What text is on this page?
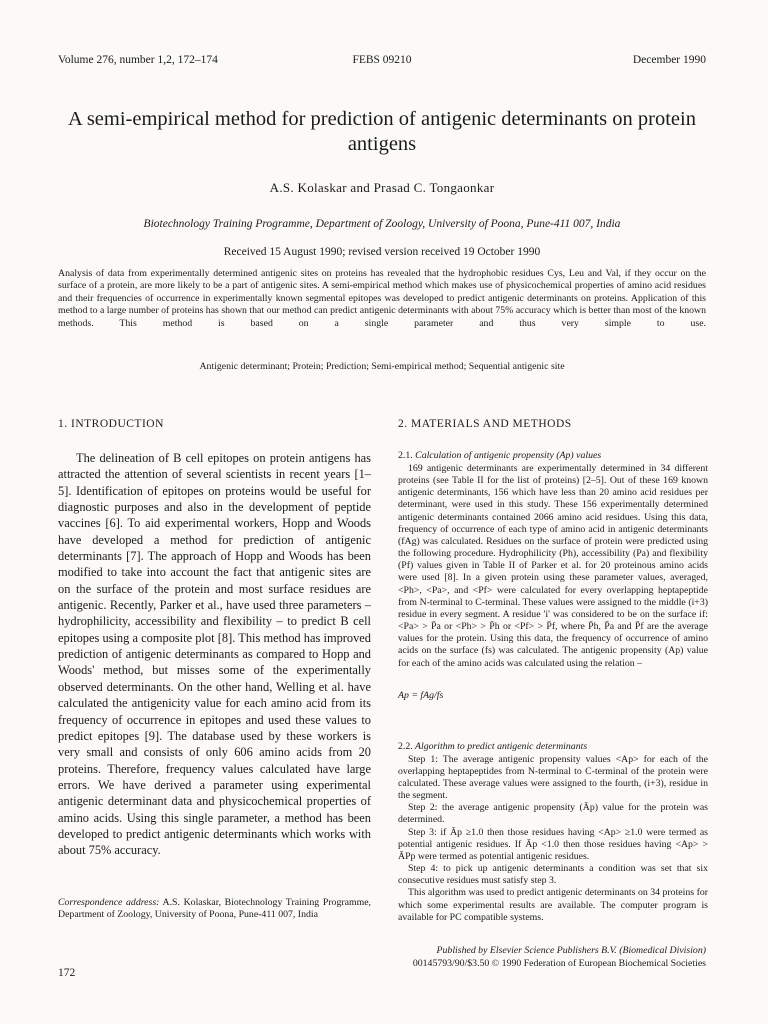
Volume 276, number 1,2, 172–174	FEBS 09210	December 1990
A semi-empirical method for prediction of antigenic determinants on protein antigens
A.S. Kolaskar and Prasad C. Tongaonkar
Biotechnology Training Programme, Department of Zoology, University of Poona, Pune-411 007, India
Received 15 August 1990; revised version received 19 October 1990
Analysis of data from experimentally determined antigenic sites on proteins has revealed that the hydrophobic residues Cys, Leu and Val, if they occur on the surface of a protein, are more likely to be a part of antigenic sites. A semi-empirical method which makes use of physicochemical properties of amino acid residues and their frequencies of occurrence in experimentally known segmental epitopes was developed to predict antigenic determinants on proteins. Application of this method to a large number of proteins has shown that our method can predict antigenic determinants with about 75% accuracy which is better than most of the known methods. This method is based on a single parameter and thus very simple to use.
Antigenic determinant; Protein; Prediction; Semi-empirical method; Sequential antigenic site
1. INTRODUCTION

The delineation of B cell epitopes on protein antigens has attracted the attention of several scientists in recent years [1–5]. Identification of epitopes on proteins would be useful for diagnostic purposes and also in the development of peptide vaccines [6]. To aid experimental workers, Hopp and Woods have developed a method for prediction of antigenic determinants [7]. The approach of Hopp and Woods has been modified to take into account the fact that antigenic sites are on the surface of the protein and most surface residues are antigenic. Recently, Parker et al., have used three parameters – hydrophilicity, accessibility and flexibility – to predict B cell epitopes using a composite plot [8]. This method has improved prediction of antigenic determinants as compared to Hopp and Woods' method, but misses some of the experimentally observed determinants. On the other hand, Welling et al. have calculated the antigenicity value for each amino acid from its frequency of occurrence in epitopes and used these values to predict epitopes [9]. The database used by these workers is very small and consists of only 606 amino acids from 20 proteins. Therefore, frequency values calculated have large errors. We have derived a parameter using experimental antigenic determinant data and physicochemical properties of amino acids. Using this single parameter, a method has been developed to predict antigenic determinants which works with about 75% accuracy.

Correspondence address: A.S. Kolaskar, Biotechnology Training Programme, Department of Zoology, University of Poona, Pune-411 007, India
2. MATERIALS AND METHODS
2.1. Calculation of antigenic propensity (Ap) values

169 antigenic determinants are experimentally determined in 34 different proteins (see Table II for the list of proteins) [2–5]. Out of these 169 known antigenic determinants, 156 which have less than 20 amino acid residues per determinant, were used in this study. These 156 experimentally determined antigenic determinants contained 2066 amino acid residues. Using this data, frequency of occurrence of each type of amino acid in antigenic determinants (fAg) was calculated. Residues on the surface of protein were predicted using the following procedure. Hydrophilicity (Ph), accessibility (Pa) and flexibility (Pf) values given in Table II of Parker et al. for 20 proteinous amino acids were used [8]. In a given protein using these parameter values, averaged, <Ph>, <Pa>, and <Pf> were calculated for every overlapping heptapeptide from N-terminal to C-terminal. These values were assigned to the middle (i+3) residue in every segment. A residue 'i' was considered to be on the surface if: <Pa> > P̄a or <Ph> > P̄h or <Pf> > P̄f, where P̄h, P̄a and P̄f are the average values for the protein. Using this data, the frequency of occurrence of amino acids on the surface (fs) was calculated. The antigenic propensity (Ap) value for each of the amino acids was calculated using the relation –

Ap = fAg/fs
2.2. Algorithm to predict antigenic determinants

Step 1: The average antigenic propensity values <Ap> for each of the overlapping heptapeptides from N-terminal to C-terminal of the protein were calculated. These average values were assigned to the fourth, (i+3), residue in the segment.

Step 2: the average antigenic propensity (Āp) value for the protein was determined.

Step 3: if Āp ≥1.0 then those residues having <Ap> ≥1.0 were termed as potential antigenic residues. If Āp <1.0 then those residues having <Ap> > ĀPp were termed as potential antigenic residues.

Step 4: to pick up antigenic determinants a condition was set that six consecutive residues must satisfy step 3.

This algorithm was used to predict antigenic determinants on 34 proteins for which some experimental results are available. The computer program is available for PC compatible systems.

Published by Elsevier Science Publishers B.V. (Biomedical Division)
00145793/90/$3.50 © 1990 Federation of European Biochemical Societies
172
